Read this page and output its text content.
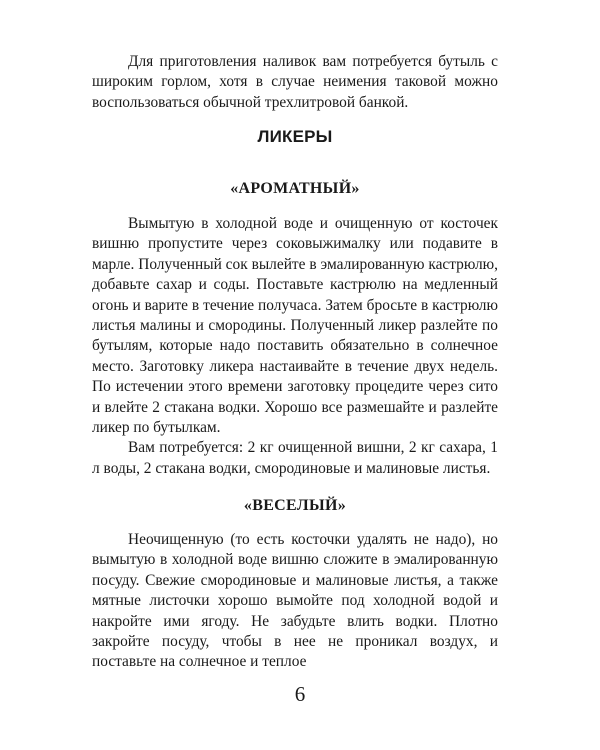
Для приготовления наливок вам потребуется бутыль с широким горлом, хотя в случае неимения таковой можно воспользоваться обычной трехлитровой банкой.

ЛИКЕРЫ
«АРОМАТНЫЙ»

Вымытую в холодной воде и очищенную от косточек вишню пропустите через соковыжималку или подавите в марле. Полученный сок вылейте в эмалированную кастрюлю, добавьте сахар и соды. Поставьте кастрюлю на медленный огонь и варите в течение получаса. Затем бросьте в кастрюлю листья малины и смородины. Полученный ликер разлейте по бутылям, которые надо поставить обязательно в солнечное место. Заготовку ликера настаивайте в течение двух недель. По истечении этого времени заготовку процедите через сито и влейте 2 стакана водки. Хорошо все размешайте и разлейте ликер по бутылкам.

Вам потребуется: 2 кг очищенной вишни, 2 кг сахара, 1 л воды, 2 стакана водки, смородиновые и малиновые листья.

«ВЕСЕЛЫЙ»

Неочищенную (то есть косточки удалять не надо), но вымытую в холодной воде вишню сложите в эмалированную посуду. Свежие смородиновые и малиновые листья, а также мятные листочки хорошо вымойте под холодной водой и накройте ими ягоду. Не забудьте влить водки. Плотно закройте посуду, чтобы в нее не проникал воздух, и поставьте на солнечное и теплое

6
